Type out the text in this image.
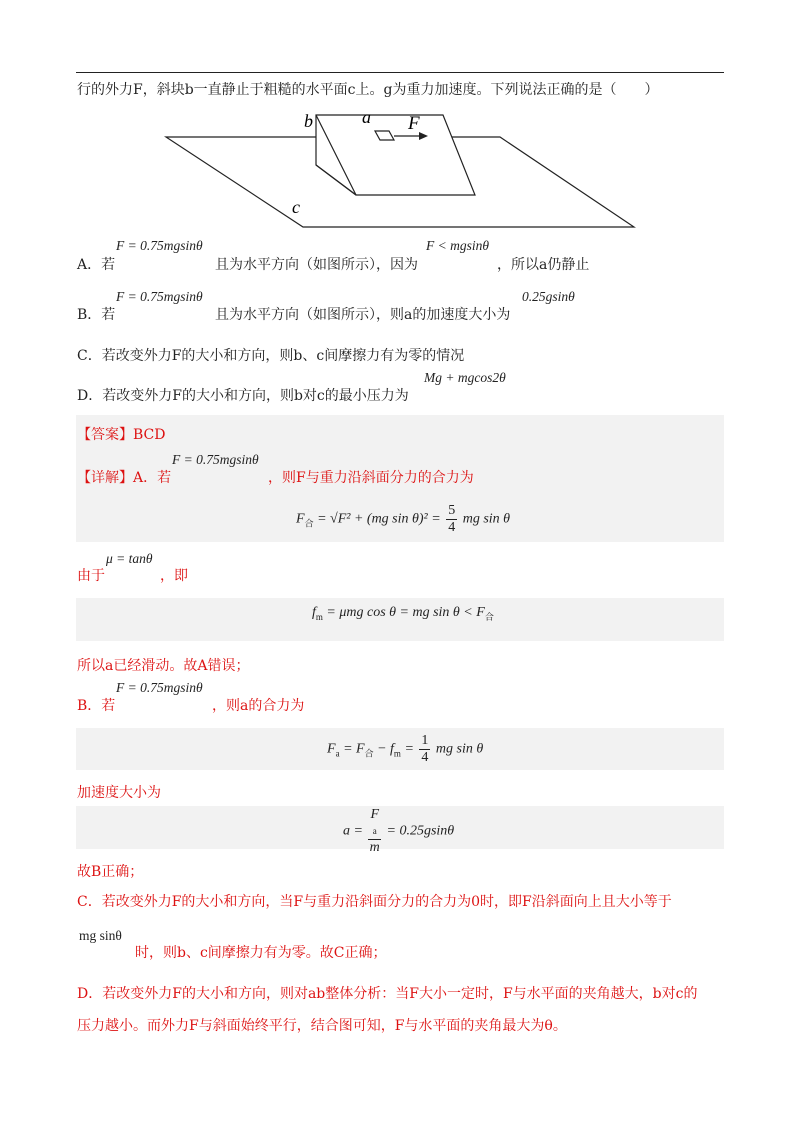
行的外力F，斜块b一直静止于粗糙的水平面c上。g为重力加速度。下列说法正确的是（　　）
b	a F
c
A．若
F = 0.75mgsinθ
且为水平方向（如图所示），因为
F < mgsinθ
，所以a仍静止
B．若
F = 0.75mgsinθ
且为水平方向（如图所示），则a的加速度大小为
0.25gsinθ
C．若改变外力F的大小和方向，则b、c间摩擦力有为零的情况
D．若改变外力F的大小和方向，则b对c的最小压力为
Mg + mgcos2θ
【答案】BCD
【详解】A．若
F = 0.75mgsinθ
，则F与重力沿斜面分力的合力为
$F_合 = √F^2 + (mg$ $\sin \theta)^2 = \frac{5}{4}$ mg sin θ
由于
μ = tanθ
，即
$f_m = \mu mg$ cos θ = mg $\sin \theta < F_合$
所以a已经滑动。故A错误；
B．若
F = 0.75mgsinθ
，则a的合力为
$F_a = F_合 - f_m = \frac{1}{4}$ mg sin θ
加速度大小为
a = F
a
m = 0.25gsinθ
故B正确；
C．若改变外力F的大小和方向，当F与重力沿斜面分力的合力为0时，即F沿斜面向上且大小等于
mg sinθ
时，则b、c间摩擦力有为零。故C正确；
D．若改变外力F的大小和方向，则对ab整体分析：当F大小一定时，F与水平面的夹角越大，b对c的
压力越小。而外力F与斜面始终平行，结合图可知，F与水平面的夹角最大为θ。
